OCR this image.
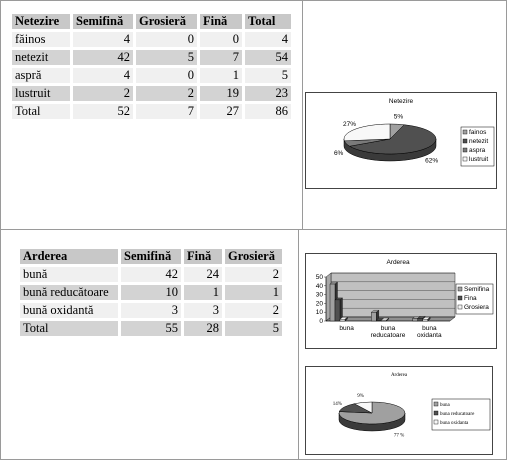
Netezire	Semifină	Grosieră	Fină	Total
făinos	4	0	0	4
netezit	42	5	7	54
aspră	4	0	1	5
lustruit	2	2	19	23
Total	52	7	27	86
Arderea	Semifină	Fină	Grosieră
bună	42	24	2
bună reducătoare	10	1	1
bună oxidantă	3	3	2
Total	55	28	5
Netezire
5%
62%
6%
27%
fainos
netezit
aspra
lustruit
Arderea
0
10
20
30
40
50
buna	buna
reducatoare
buna
oxidanta
Semifina
Fina
Grosiera
Arderea
77 %
14%
9%
buna
buna reducatoare
buna oxidanta
